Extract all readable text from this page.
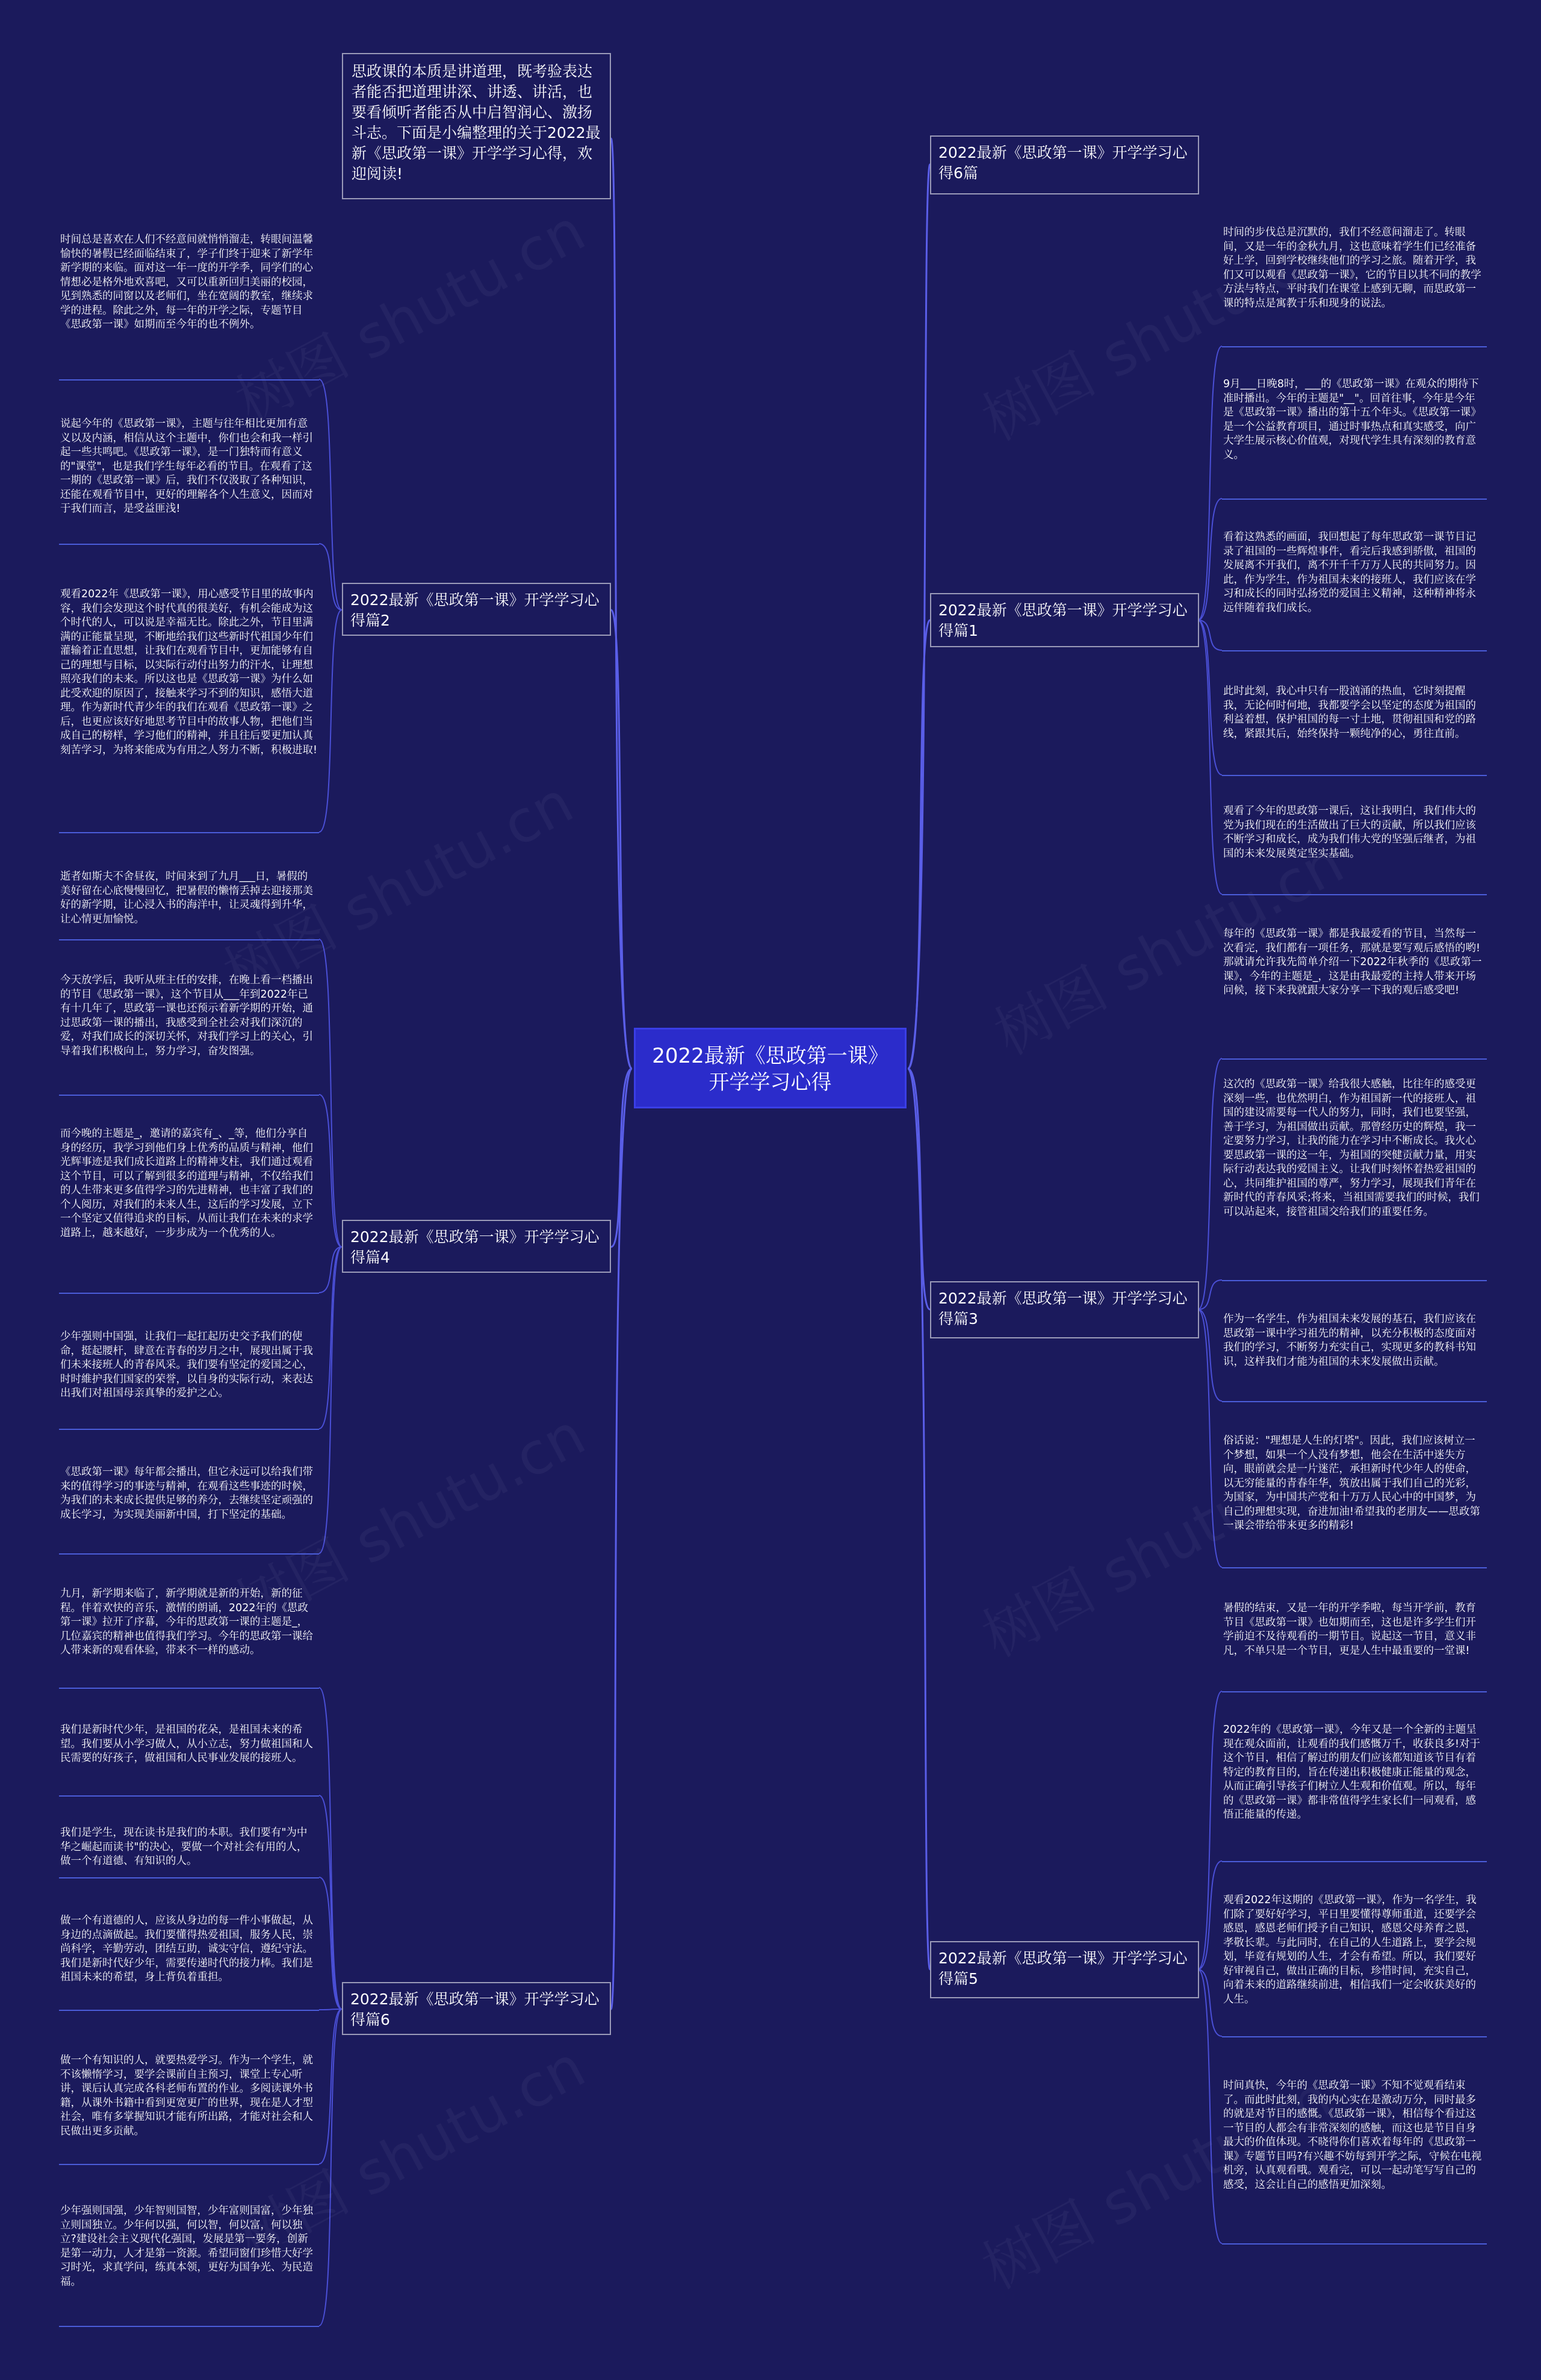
2022最新《思政第一课》开学学习心得
思政课的本质是讲道理，既考验表达者能否把道理讲深、讲透、讲活，也要看倾听者能否从中启智润心、激扬斗志。下面是小编整理的关于2022最新《思政第一课》开学学习心得，欢迎阅读!
2022最新《思政第一课》开学学习心得篇2
2022最新《思政第一课》开学学习心得篇4
2022最新《思政第一课》开学学习心得篇6
2022最新《思政第一课》开学学习心得6篇
2022最新《思政第一课》开学学习心得篇1
2022最新《思政第一课》开学学习心得篇3
2022最新《思政第一课》开学学习心得篇5
时间总是喜欢在人们不经意间就悄悄溜走，转眼间温馨愉快的暑假已经面临结束了，学子们终于迎来了新学年新学期的来临。面对这一年一度的开学季，同学们的心情想必是格外地欢喜吧，又可以重新回归美丽的校园，见到熟悉的同窗以及老师们，坐在宽阔的教室，继续求学的进程。除此之外，每一年的开学之际，专题节目《思政第一课》如期而至今年的也不例外。
说起今年的《思政第一课》，主题与往年相比更加有意义以及内涵，相信从这个主题中，你们也会和我一样引起一些共鸣吧。《思政第一课》，是一门独特而有意义的"课堂"，也是我们学生每年必看的节目。在观看了这一期的《思政第一课》后，我们不仅汲取了各种知识，还能在观看节目中，更好的理解各个人生意义，因而对于我们而言，是受益匪浅!
观看2022年《思政第一课》，用心感受节目里的故事内容，我们会发现这个时代真的很美好，有机会能成为这个时代的人，可以说是幸福无比。除此之外，节目里满满的正能量呈现，不断地给我们这些新时代祖国少年们灌输着正直思想，让我们在观看节目中，更加能够有自己的理想与目标，以实际行动付出努力的汗水，让理想照亮我们的未来。所以这也是《思政第一课》为什么如此受欢迎的原因了，接触来学习不到的知识，感悟大道理。作为新时代青少年的我们在观看《思政第一课》之后，也更应该好好地思考节目中的故事人物，把他们当成自己的榜样，学习他们的精神，并且往后要更加认真刻苦学习，为将来能成为有用之人努力不断，积极进取!
逝者如斯夫不舍昼夜，时间来到了九月___日，暑假的美好留在心底慢慢回忆，把暑假的懒惰丢掉去迎接那美好的新学期，让心浸入书的海洋中，让灵魂得到升华，让心情更加愉悦。
今天放学后，我听从班主任的安排，在晚上看一档播出的节目《思政第一课》，这个节目从___年到2022年已有十几年了，思政第一课也还预示着新学期的开始，通过思政第一课的播出，我感受到全社会对我们深沉的爱，对我们成长的深切关怀，对我们学习上的关心，引导着我们积极向上，努力学习，奋发图强。
而今晚的主题是_，邀请的嘉宾有_、_等，他们分享自身的经历，我学习到他们身上优秀的品质与精神，他们光辉事迹是我们成长道路上的精神支柱，我们通过观看这个节目，可以了解到很多的道理与精神，不仅给我们的人生带来更多值得学习的先进精神，也丰富了我们的个人阅历，对我们的未来人生，这后的学习发展，立下一个坚定又值得追求的目标，从而让我们在未来的求学道路上，越来越好，一步步成为一个优秀的人。
少年强则中国强，让我们一起扛起历史交予我们的使命，挺起腰杆，肆意在青春的岁月之中，展现出属于我们未来接班人的青春风采。我们要有坚定的爱国之心，时时維护我们国家的荣誉，以自身的实际行动，来表达出我们对祖国母亲真挚的爱护之心。
《思政第一课》每年都会播出，但它永远可以给我们带来的值得学习的事迹与精神，在观看这些事迹的时候，为我们的未来成长提供足够的养分，去继续坚定顽强的成长学习，为实现美丽新中国，打下坚定的基础。
九月，新学期来临了，新学期就是新的开始，新的征程。伴着欢快的音乐，激情的朗诵，2022年的《思政第一课》拉开了序幕，今年的思政第一课的主题是_，几位嘉宾的精神也值得我们学习。今年的思政第一课给人带来新的观看体验，带来不一样的感动。
我们是新时代少年，是祖国的花朵，是祖国未来的希望。我们要从小学习做人，从小立志，努力做祖国和人民需要的好孩子，做祖国和人民事业发展的接班人。
我们是学生，现在读书是我们的本职。我们要有"为中华之崛起而读书"的决心，要做一个对社会有用的人，做一个有道德、有知识的人。
做一个有道德的人，应该从身边的每一件小事做起，从身边的点滴做起。我们要懂得热爱祖国，服务人民，崇尚科学，辛勤劳动，团结互助，诚实守信，遵纪守法。我们是新时代好少年，需要传递时代的接力棒。我们是祖国未来的希望，身上背负着重担。
做一个有知识的人，就要热爱学习。作为一个学生，就不该懒惰学习，要学会课前自主预习，课堂上专心听讲，课后认真完成各科老师布置的作业。多阅读课外书籍，从课外书籍中看到更宽更广的世界，现在是人才型社会，唯有多掌握知识才能有所出路，才能对社会和人民做出更多贡献。
少年强则国强，少年智则国智，少年富则国富，少年独立则国独立。少年何以强，何以智，何以富，何以独立?建设社会主义现代化强国，发展是第一要务，创新是第一动力，人才是第一资源。希望同窗们珍惜大好学习时光，求真学问，练真本领，更好为国争光、为民造福。
时间的步伐总是沉默的，我们不经意间溜走了。转眼间，又是一年的金秋九月，这也意味着学生们已经准备好上学，回到学校继续他们的学习之旅。随着开学，我们又可以观看《思政第一课》，它的节目以其不同的教学方法与特点，平时我们在课堂上感到无聊，而思政第一课的特点是寓教于乐和现身的说法。
9月___日晚8时，___的《思政第一课》在观众的期待下准时播出。今年的主题是"__"。回首往事，今年是今年是《思政第一课》播出的第十五个年头。《思政第一课》是一个公益教育项目，通过时事热点和真实感受，向广大学生展示核心价值观，对现代学生具有深刻的教育意义。
看着这熟悉的画面，我回想起了每年思政第一课节目记录了祖国的一些辉煌事件，看完后我感到骄傲，祖国的发展离不开我们，离不开千千万万人民的共同努力。因此，作为学生，作为祖国未来的接班人，我们应该在学习和成长的同时弘扬党的爱国主义精神，这种精神将永远伴随着我们成长。
此时此刻，我心中只有一股汹涌的热血，它时刻提醒我，无论何时何地，我都要学会以坚定的态度为祖国的利益着想，保护祖国的每一寸土地，贯彻祖国和党的路线，紧跟其后，始终保持一颗纯净的心，勇往直前。
观看了今年的思政第一课后，这让我明白，我们伟大的党为我们现在的生活做出了巨大的贡献，所以我们应该不断学习和成长，成为我们伟大党的坚强后继者，为祖国的未来发展奠定坚实基础。
每年的《思政第一课》都是我最爱看的节目，当然每一次看完，我们都有一项任务，那就是要写观后感悟的哟!那就请允许我先简单介绍一下2022年秋季的《思政第一课》，今年的主题是_，这是由我最爱的主持人带来开场问候，接下来我就跟大家分享一下我的观后感受吧!
这次的《思政第一课》给我很大感触，比往年的感受更深刻一些，也优然明白，作为祖国新一代的接班人，祖国的建设需要每一代人的努力，同时，我们也要坚强，善于学习，为祖国做出贡献。那曾经历史的辉煌，我一定要努力学习，让我的能力在学习中不断成长。我火心要思政第一课的这一年，为祖国的突健贡献力量，用实际行动表达我的爱国主义。让我们时刻怀着热爱祖国的心，共同维护祖国的尊严，努力学习，展现我们青年在新时代的青春风采;将来，当祖国需要我们的时候，我们可以站起来，接管祖国交给我们的重要任务。
作为一名学生，作为祖国未来发展的基石，我们应该在思政第一课中学习祖先的精神，以充分积极的态度面对我们的学习，不断努力充实自己，实现更多的教科书知识，这样我们才能为祖国的未来发展做出贡献。
俗话说："理想是人生的灯塔"。因此，我们应该树立一个梦想，如果一个人没有梦想，他会在生活中迷失方向，眼前就会是一片迷茫，承担新时代少年人的使命，以无穷能量的青春年华，筑放出属于我们自己的光彩，为国家，为中国共产党和十万万人民心中的中国梦，为自己的理想实现，奋进加油!希望我的老朋友——思政第一课会带给带来更多的精彩!
暑假的结束，又是一年的开学季啦，每当开学前，教育节目《思政第一课》也如期而至，这也是许多学生们开学前迫不及待观看的一期节目。说起这一节目，意义非凡，不单只是一个节目，更是人生中最重要的一堂课!
2022年的《思政第一课》，今年又是一个全新的主题呈现在观众面前，让观看的我们感慨万千，收获良多!对于这个节目，相信了解过的朋友们应该都知道该节目有着特定的教育目的，旨在传递出积极健康正能量的观念，从而正确引导孩子们树立人生观和价值观。所以，每年的《思政第一课》都非常值得学生家长们一同观看，感悟正能量的传递。
观看2022年这期的《思政第一课》，作为一名学生，我们除了要好好学习，平日里要懂得尊师重道，还要学会感恩，感恩老师们授予自己知识，感恩父母养育之恩，孝敬长辈。与此同时，在自己的人生道路上，要学会规划，毕竟有规划的人生，才会有希望。所以，我们要好好审视自己，做出正确的目标，珍惜时间，充实自己，向着未来的道路继续前进，相信我们一定会收获美好的人生。
时间真快，今年的《思政第一课》不知不觉观看结束了。而此时此刻，我的内心实在是激动万分，同时最多的就是对节目的感慨。《思政第一课》，相信每个看过这一节目的人都会有非常深刻的感触，而这也是节目自身最大的价值体现。不晓得你们喜欢着每年的《思政第一课》专题节目吗?有兴趣不妨每到开学之际，守候在电视机旁，认真观看哦。观看完，可以一起动笔写写自己的感受，这会让自己的感悟更加深刻。
